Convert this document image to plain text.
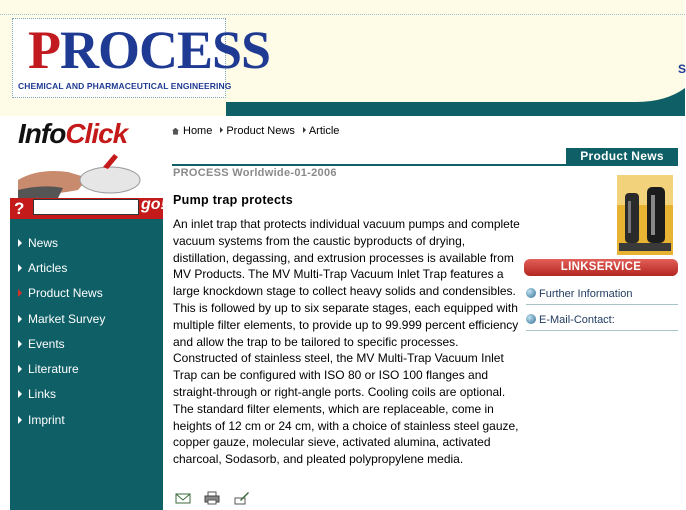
PROCESS
CHEMICAL AND PHARMACEUTICAL ENGINEERING
S
InfoClick
?	go!
News
Articles
Product News
Market Survey
Events
Literature
Links
Imprint
Home Product News Article
Product News
PROCESS Worldwide-01-2006
Pump trap protects
An inlet trap that protects individual vacuum pumps and complete vacuum systems from the caustic byproducts of drying, distillation, degassing, and extrusion processes is available from MV Products. The MV Multi-Trap Vacuum Inlet Trap features a large knockdown stage to collect heavy solids and condensibles. This is followed by up to six separate stages, each equipped with multiple filter elements, to provide up to 99.999 percent efficiency and allow the trap to be tailored to specific processes. Constructed of stainless steel, the MV Multi-Trap Vacuum Inlet Trap can be configured with ISO 80 or ISO 100 flanges and straight-through or right-angle ports. Cooling coils are optional. The standard filter elements, which are replaceable, come in heights of 12 cm or 24 cm, with a choice of stainless steel gauze, copper gauze, molecular sieve, activated alumina, activated charcoal, Sodasorb, and pleated polypropylene media.

LINKSERVICE
Further Information
E-Mail-Contact:
